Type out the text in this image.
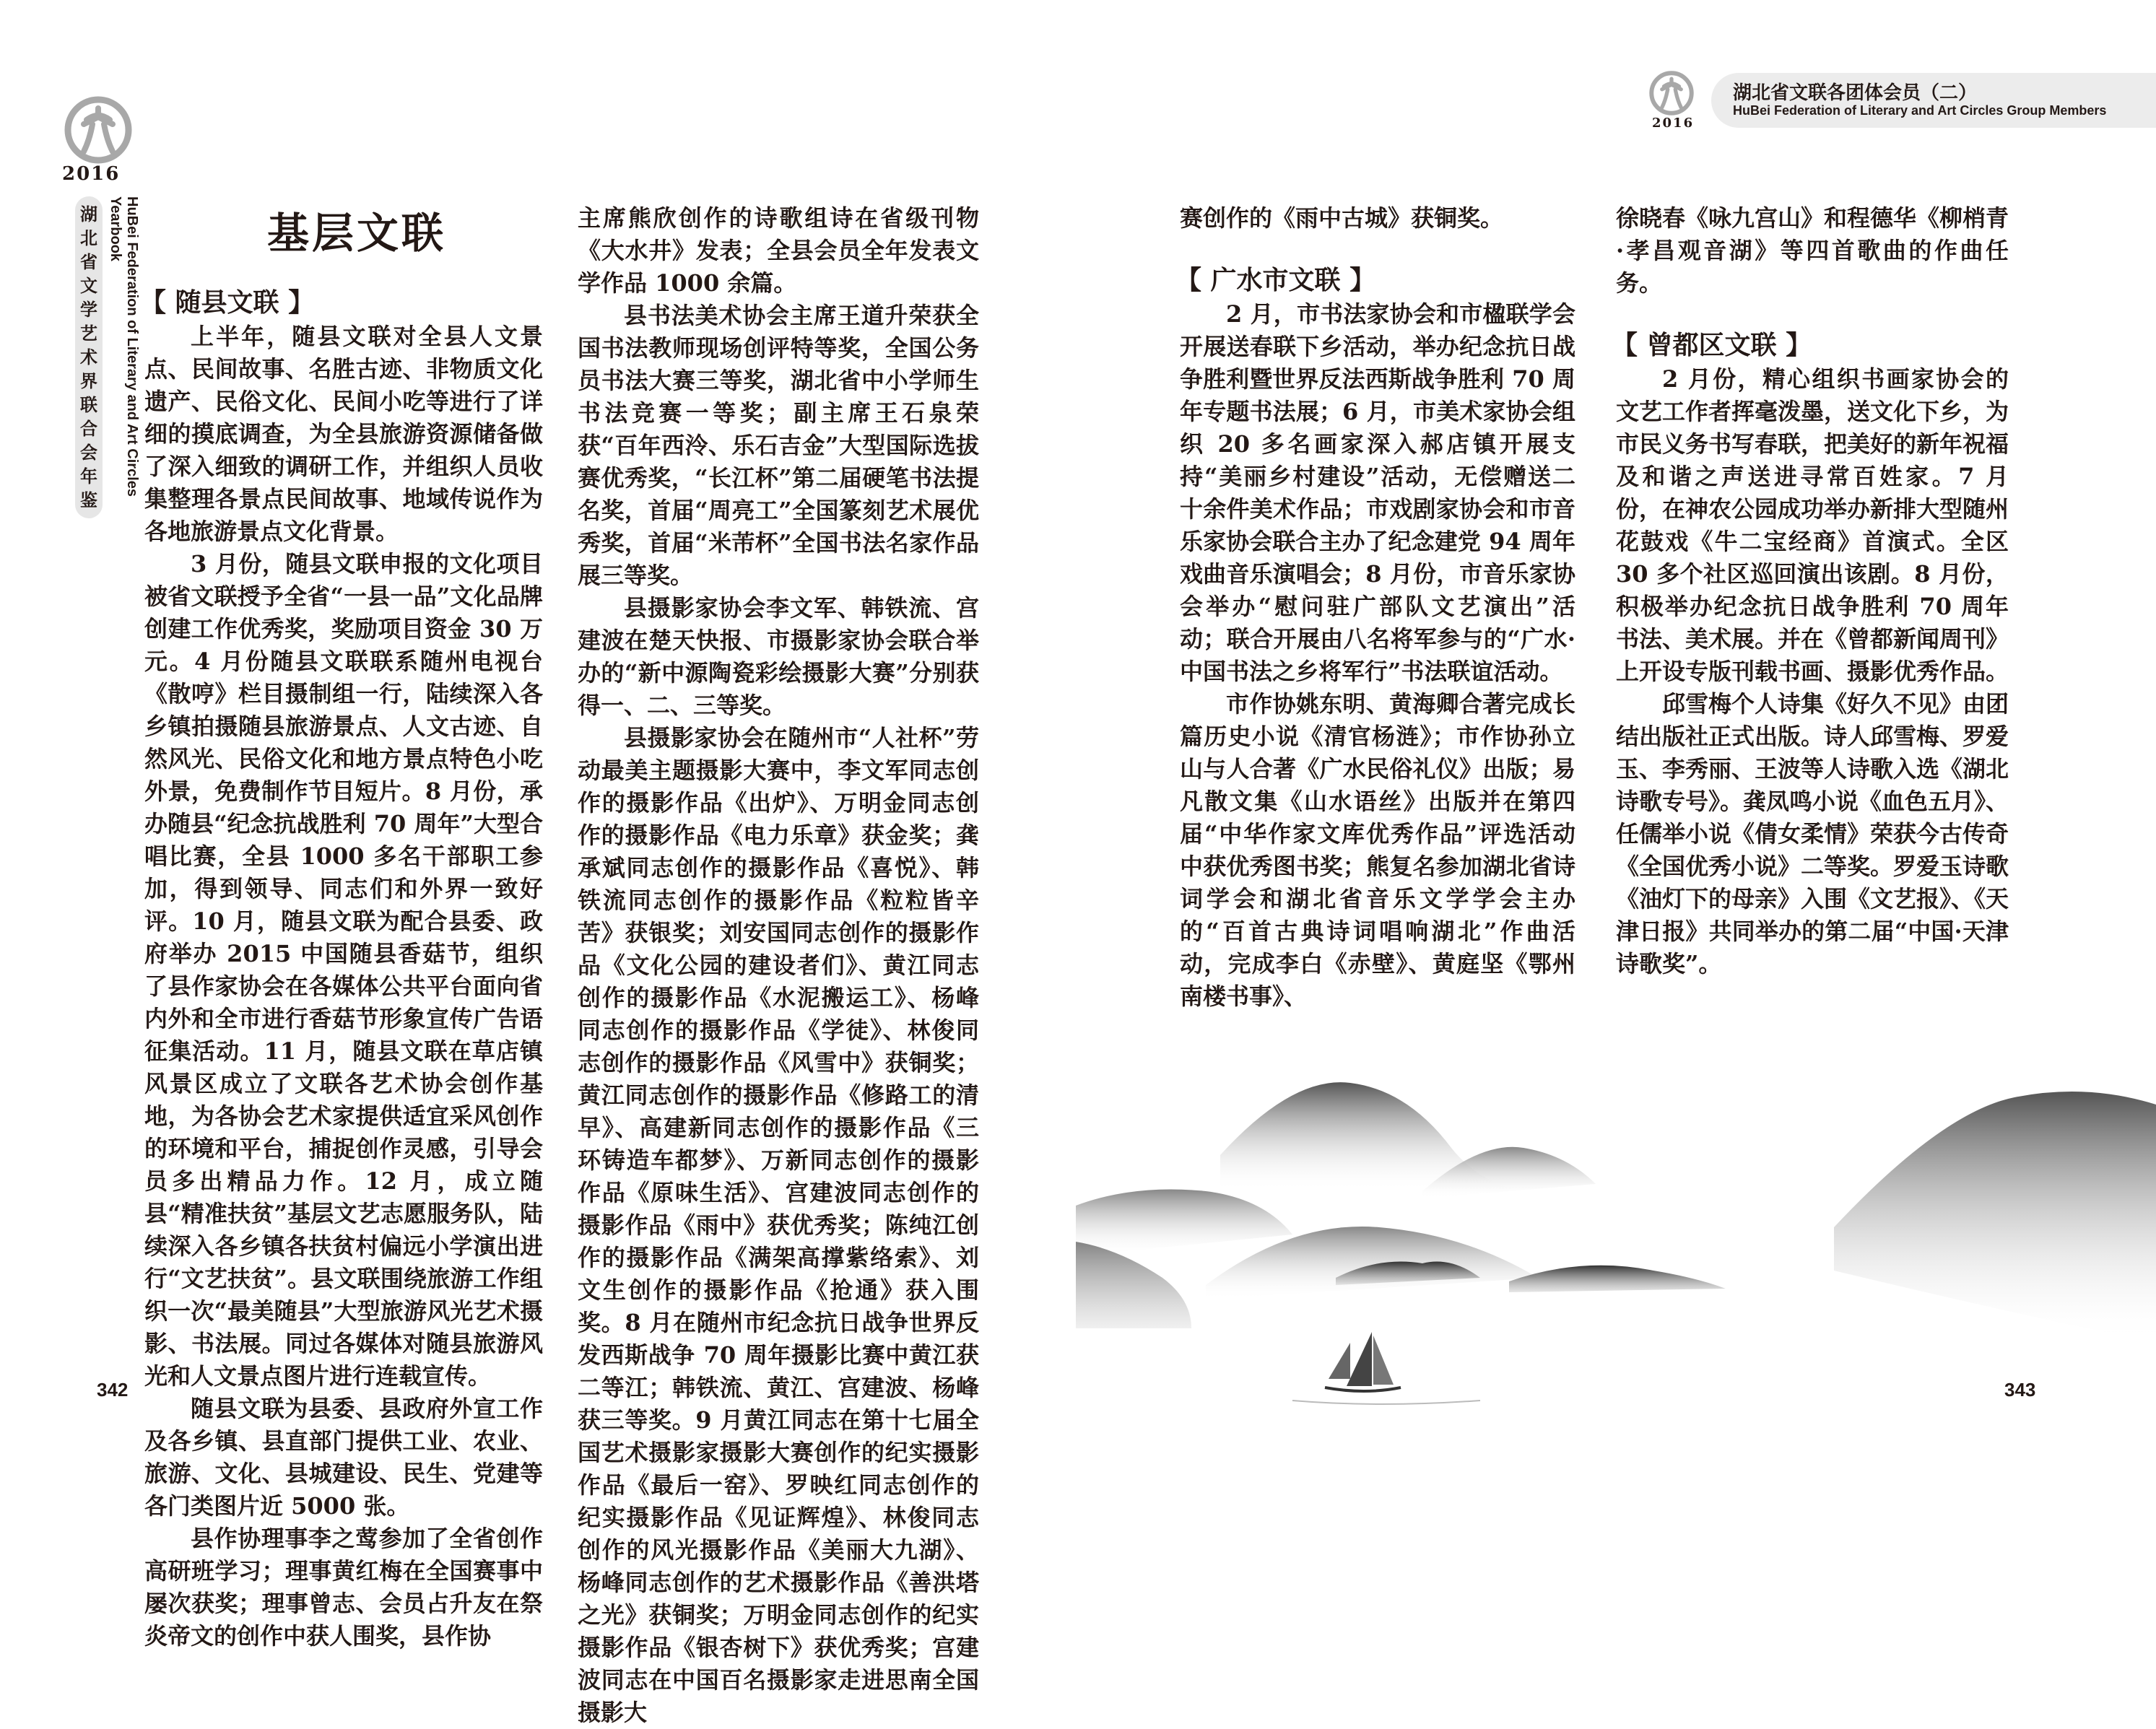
2016
湖
北
省
文
学
艺
术
界
联
合
会
年
鉴
HuBei Federation of Literary and Art Circles Yearbook	基层文联
【 随县文联 】

上半年，随县文联对全县人文景点、民间故事、名胜古迹、非物质文化遗产、民俗文化、民间小吃等进行了详细的摸底调查，为全县旅游资源储备做了深入细致的调研工作，并组织人员收集整理各景点民间故事、地域传说作为各地旅游景点文化背景。

3 月份，随县文联申报的文化项目被省文联授予全省“一县一品”文化品牌创建工作优秀奖，奖励项目资金 30 万元。4 月份随县文联联系随州电视台《散哼》栏目摄制组一行，陆续深入各乡镇拍摄随县旅游景点、人文古迹、自然风光、民俗文化和地方景点特色小吃外景，免费制作节目短片。8 月份，承办随县“纪念抗战胜利 70 周年”大型合唱比赛，全县 1000 多名干部职工参加，得到领导、同志们和外界一致好评。10 月，随县文联为配合县委、政府举办 2015 中国随县香菇节，组织了县作家协会在各媒体公共平台面向省内外和全市进行香菇节形象宣传广告语征集活动。11 月，随县文联在草店镇风景区成立了文联各艺术协会创作基地，为各协会艺术家提供适宜采风创作的环境和平台，捕捉创作灵感，引导会员多出精品力作。12 月，成立随县“精准扶贫”基层文艺志愿服务队，陆续深入各乡镇各扶贫村偏远小学演出进行“文艺扶贫”。县文联围绕旅游工作组织一次“最美随县”大型旅游风光艺术摄影、书法展。同过各媒体对随县旅游风光和人文景点图片进行连载宣传。

随县文联为县委、县政府外宣工作及各乡镇、县直部门提供工业、农业、旅游、文化、县城建设、民生、党建等各门类图片近 5000 张。

县作协理事李之莺参加了全省创作高研班学习；理事黄红梅在全国赛事中屡次获奖；理事曾志、会员占升友在祭炎帝文的创作中获人围奖，县作协

主席熊欣创作的诗歌组诗在省级刊物《大水井》发表；全县会员全年发表文学作品 1000 余篇。

县书法美术协会主席王道升荣获全国书法教师现场创评特等奖，全国公务员书法大赛三等奖，湖北省中小学师生书法竞赛一等奖；副主席王石泉荣获“百年西泠、乐石吉金”大型国际选拔赛优秀奖，“长江杯”第二届硬笔书法提名奖，首届“周亮工”全国篆刻艺术展优秀奖，首届“米芾杯”全国书法名家作品展三等奖。

县摄影家协会李文军、韩铁流、宫建波在楚天快报、市摄影家协会联合举办的“新中源陶瓷彩绘摄影大赛”分别获得一、二、三等奖。

县摄影家协会在随州市“人社杯”劳动最美主题摄影大赛中，李文军同志创作的摄影作品《出炉》、万明金同志创作的摄影作品《电力乐章》获金奖；龚承斌同志创作的摄影作品《喜悦》、韩铁流同志创作的摄影作品《粒粒皆辛苦》获银奖；刘安国同志创作的摄影作品《文化公园的建设者们》、黄江同志创作的摄影作品《水泥搬运工》、杨峰同志创作的摄影作品《学徒》、林俊同志创作的摄影作品《风雪中》获铜奖；黄江同志创作的摄影作品《修路工的清早》、高建新同志创作的摄影作品《三环铸造车都梦》、万新同志创作的摄影作品《原味生活》、宫建波同志创作的摄影作品《雨中》获优秀奖；陈纯江创作的摄影作品《满架高撑紫络索》、刘文生创作的摄影作品《抢通》获入围奖。8 月在随州市纪念抗日战争世界反发西斯战争 70 周年摄影比赛中黄江获二等江；韩铁流、黄江、宫建波、杨峰获三等奖。9 月黄江同志在第十七届全国艺术摄影家摄影大赛创作的纪实摄影作品《最后一窑》、罗映红同志创作的纪实摄影作品《见证辉煌》、林俊同志创作的风光摄影作品《美丽大九湖》、杨峰同志创作的艺术摄影作品《善洪塔之光》获铜奖；万明金同志创作的纪实摄影作品《银杏树下》获优秀奖；宫建波同志在中国百名摄影家走进思南全国摄影大

342
2016
湖北省文联各团体会员（二）
HuBei Federation of Literary and Art Circles Group Members

赛创作的《雨中古城》获铜奖。

【 广水市文联 】

2 月，市书法家协会和市楹联学会开展送春联下乡活动，举办纪念抗日战争胜利暨世界反法西斯战争胜利 70 周年专题书法展；6 月，市美术家协会组织 20 多名画家深入郝店镇开展支持“美丽乡村建设”活动，无偿赠送二十余件美术作品；市戏剧家协会和市音乐家协会联合主办了纪念建党 94 周年戏曲音乐演唱会；8 月份，市音乐家协会举办“慰问驻广部队文艺演出”活动；联合开展由八名将军参与的“广水·中国书法之乡将军行”书法联谊活动。

市作协姚东明、黄海卿合著完成长篇历史小说《清官杨涟》；市作协孙立山与人合著《广水民俗礼仪》出版；易凡散文集《山水语丝》出版并在第四届“中华作家文库优秀作品”评选活动中获优秀图书奖；熊复名参加湖北省诗词学会和湖北省音乐文学学会主办的“百首古典诗词唱响湖北”作曲活动，完成李白《赤壁》、黄庭坚《鄂州南楼书事》、

徐晓春《咏九宫山》和程德华《柳梢青·孝昌观音湖》等四首歌曲的作曲任务。

【 曾都区文联 】

2 月份，精心组织书画家协会的文艺工作者挥毫泼墨，送文化下乡，为市民义务书写春联，把美好的新年祝福及和谐之声送进寻常百姓家。7 月份，在神农公园成功举办新排大型随州花鼓戏《牛二宝经商》首演式。全区 30 多个社区巡回演出该剧。8 月份，积极举办纪念抗日战争胜利 70 周年书法、美术展。并在《曾都新闻周刊》上开设专版刊载书画、摄影优秀作品。

邱雪梅个人诗集《好久不见》由团结出版社正式出版。诗人邱雪梅、罗爱玉、李秀丽、王波等人诗歌入选《湖北诗歌专号》。龚凤鸣小说《血色五月》、任儒举小说《倩女柔情》荣获今古传奇《全国优秀小说》二等奖。罗爱玉诗歌《油灯下的母亲》入围《文艺报》、《天津日报》共同举办的第二届“中国·天津诗歌奖”。

343
